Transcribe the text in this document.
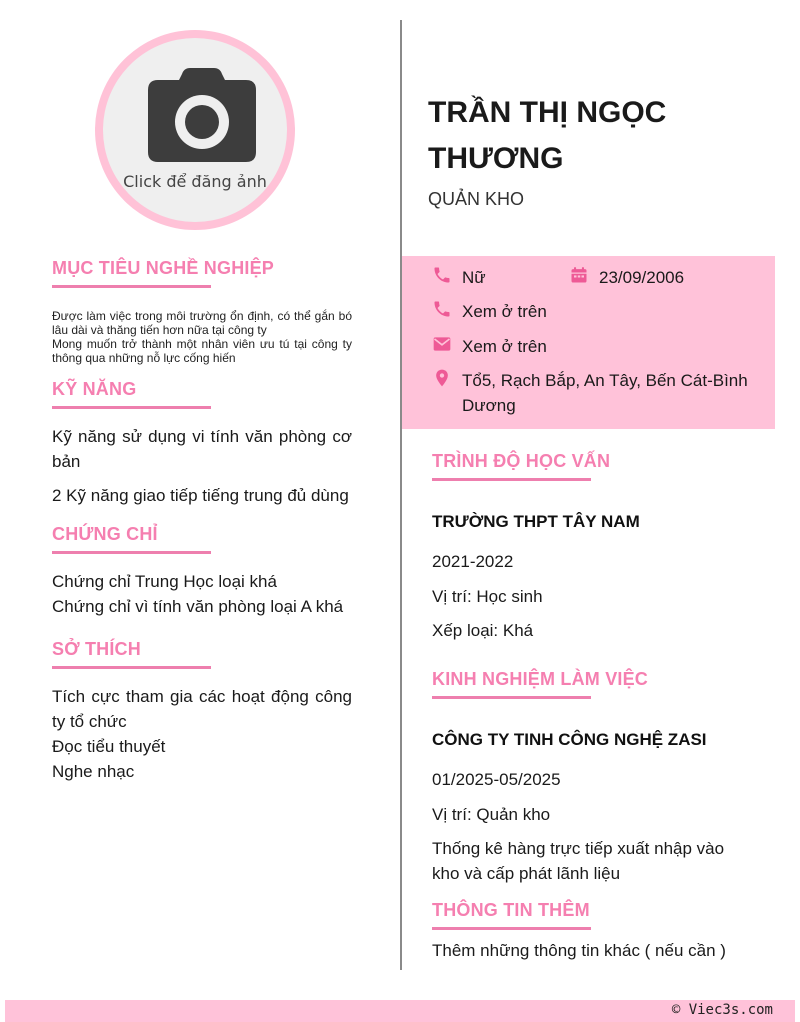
Click để đăng ảnh
MỤC TIÊU NGHỀ NGHIỆP
Được làm việc trong môi trường ổn định, có thể gắn bó lâu dài và thăng tiến hơn nữa tại công ty
Mong muốn trở thành một nhân viên ưu tú tại công ty thông qua những nỗ lực cống hiến
KỸ NĂNG
Kỹ năng sử dụng vi tính văn phòng cơ bản
2 Kỹ năng giao tiếp tiếng trung đủ dùng
CHỨNG CHỈ
Chứng chỉ Trung Học loại khá
Chứng chỉ vì tính văn phòng loại A khá
SỞ THÍCH
Tích cực tham gia các hoạt động công ty tổ chức
Đọc tiểu thuyết
Nghe nhạc
TRẦN THỊ NGỌC THƯƠNG
QUẢN KHO
Nữ	23/09/2006
Xem ở trên
Xem ở trên
Tổ5, Rạch Bắp, An Tây, Bến Cát-Bình Dương
TRÌNH ĐỘ HỌC VẤN
TRƯỜNG THPT TÂY NAM
2021-2022
Vị trí: Học sinh
Xếp loại: Khá
KINH NGHIỆM LÀM VIỆC
CÔNG TY TINH CÔNG NGHỆ ZASI
01/2025-05/2025
Vị trí: Quản kho
Thống kê hàng trực tiếp xuất nhập vào kho và cấp phát lãnh liệu
THÔNG TIN THÊM
Thêm những thông tin khác ( nếu cần )
© Viec3s.com
